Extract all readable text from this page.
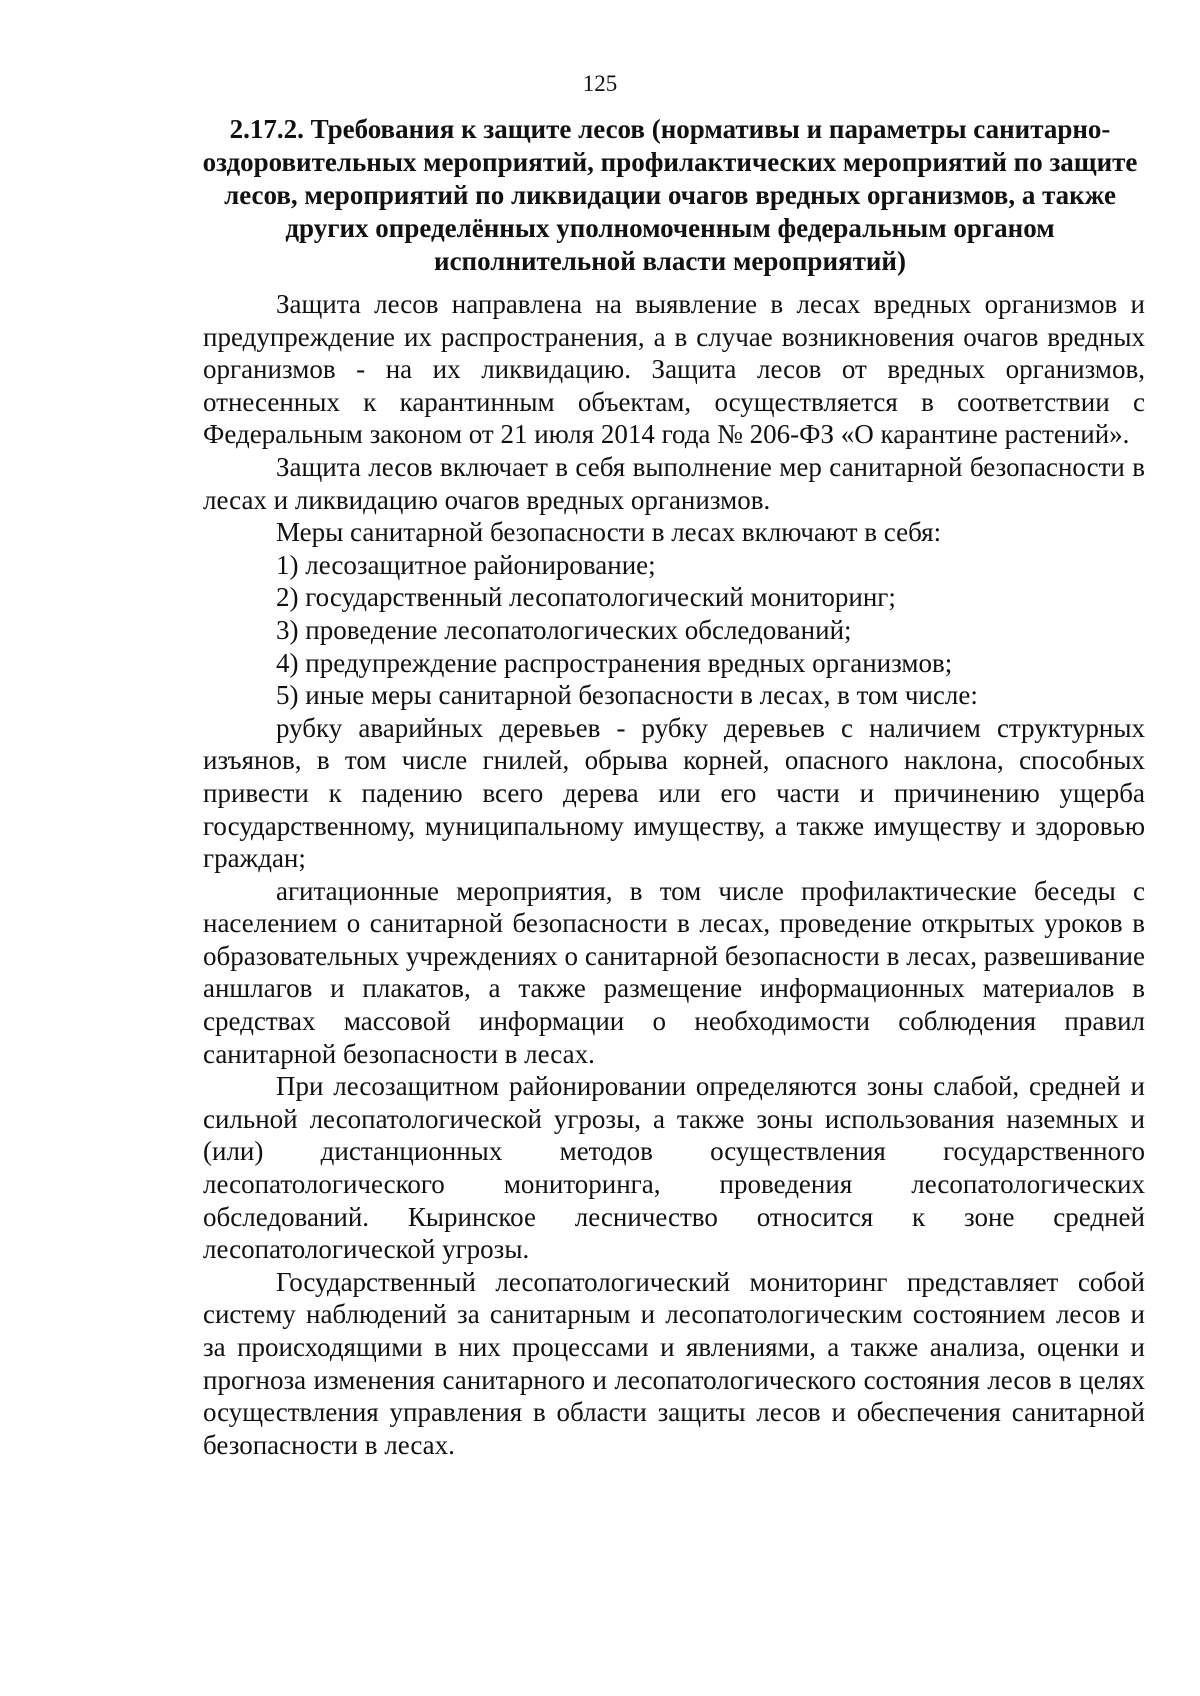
125
2.17.2. Требования к защите лесов (нормативы и параметры санитарно-оздоровительных мероприятий, профилактических мероприятий по защите лесов, мероприятий по ликвидации очагов вредных организмов, а также других определённых уполномоченным федеральным органом исполнительной власти мероприятий)

Защита лесов направлена на выявление в лесах вредных организмов и предупреждение их распространения, а в случае возникновения очагов вредных организмов - на их ликвидацию. Защита лесов от вредных организмов, отнесенных к карантинным объектам, осуществляется в соответствии с Федеральным законом от 21 июля 2014 года № 206-ФЗ «О карантине растений».

Защита лесов включает в себя выполнение мер санитарной безопасности в лесах и ликвидацию очагов вредных организмов.

Меры санитарной безопасности в лесах включают в себя:

1) лесозащитное районирование;

2) государственный лесопатологический мониторинг;

3) проведение лесопатологических обследований;

4) предупреждение распространения вредных организмов;

5) иные меры санитарной безопасности в лесах, в том числе:

рубку аварийных деревьев - рубку деревьев с наличием структурных изъянов, в том числе гнилей, обрыва корней, опасного наклона, способных привести к падению всего дерева или его части и причинению ущерба государственному, муниципальному имуществу, а также имуществу и здоровью граждан;

агитационные мероприятия, в том числе профилактические беседы с населением о санитарной безопасности в лесах, проведение открытых уроков в образовательных учреждениях о санитарной безопасности в лесах, развешивание аншлагов и плакатов, а также размещение информационных материалов в средствах массовой информации о необходимости соблюдения правил санитарной безопасности в лесах.

При лесозащитном районировании определяются зоны слабой, средней и сильной лесопатологической угрозы, а также зоны использования наземных и (или) дистанционных методов осуществления государственного лесопатологического мониторинга, проведения лесопатологических обследований. Кыринское лесничество относится к зоне средней лесопатологической угрозы.

Государственный лесопатологический мониторинг представляет собой систему наблюдений за санитарным и лесопатологическим состоянием лесов и за происходящими в них процессами и явлениями, а также анализа, оценки и прогноза изменения санитарного и лесопатологического состояния лесов в целях осуществления управления в области защиты лесов и обеспечения санитарной безопасности в лесах.
